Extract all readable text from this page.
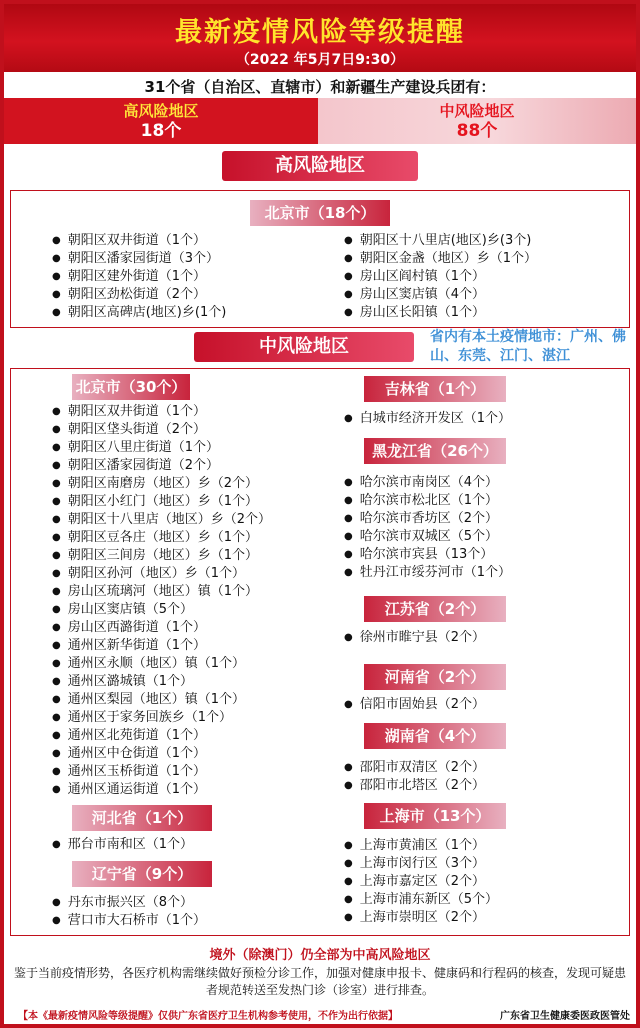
最新疫情风险等级提醒
（2022 年5月7日9:30）
31个省（自治区、直辖市）和新疆生产建设兵团有：
高风险地区
18个
中风险地区
88个
高风险地区
北京市（18个）
● 朝阳区双井街道（1个）
● 朝阳区潘家园街道（3个）
● 朝阳区建外街道（1个）
● 朝阳区劲松街道（2个）
● 朝阳区高碑店(地区)乡(1个)
● 朝阳区十八里店(地区)乡(3个)
● 朝阳区金盏（地区）乡（1个）
● 房山区阎村镇（1个）
● 房山区窦店镇（4个）
● 房山区长阳镇（1个）
中风险地区	省内有本土疫情地市：广州、佛山、东莞、江门、湛江
北京市（30个）
● 朝阳区双井街道（1个）
● 朝阳区垡头街道（2个）
● 朝阳区八里庄街道（1个）
● 朝阳区潘家园街道（2个）
● 朝阳区南磨房（地区）乡（2个）
● 朝阳区小红门（地区）乡（1个）
● 朝阳区十八里店（地区）乡（2个）
● 朝阳区豆各庄（地区）乡（1个）
● 朝阳区三间房（地区）乡（1个）
● 朝阳区孙河（地区）乡（1个）
● 房山区琉璃河（地区）镇（1个）
● 房山区窦店镇（5个）
● 房山区西潞街道（1个）
● 通州区新华街道（1个）
● 通州区永顺（地区）镇（1个）
● 通州区潞城镇（1个）
● 通州区梨园（地区）镇（1个）
● 通州区于家务回族乡（1个）
● 通州区北苑街道（1个）
● 通州区中仓街道（1个）
● 通州区玉桥街道（1个）
● 通州区通运街道（1个）
河北省（1个）
● 邢台市南和区（1个）
辽宁省（9个）
● 丹东市振兴区（8个）
● 营口市大石桥市（1个）
吉林省（1个）
● 白城市经济开发区（1个）
黑龙江省（26个）
● 哈尔滨市南岗区（4个）
● 哈尔滨市松北区（1个）
● 哈尔滨市香坊区（2个）
● 哈尔滨市双城区（5个）
● 哈尔滨市宾县（13个）
● 牡丹江市绥芬河市（1个）
江苏省（2个）
● 徐州市睢宁县（2个）
河南省（2个）
● 信阳市固始县（2个）
湖南省（4个）
● 邵阳市双清区（2个）
● 邵阳市北塔区（2个）
上海市（13个）
● 上海市黄浦区（1个）
● 上海市闵行区（3个）
● 上海市嘉定区（2个）
● 上海市浦东新区（5个）
● 上海市崇明区（2个）
境外（除澳门）仍全部为中高风险地区
鉴于当前疫情形势，各医疗机构需继续做好预检分诊工作，加强对健康申报卡、健康码和行程码的核查，发现可疑患者规范转送至发热门诊（诊室）进行排查。
【本《最新疫情风险等级提醒》仅供广东省医疗卫生机构参考使用，不作为出行依据】	广东省卫生健康委医政医管处
